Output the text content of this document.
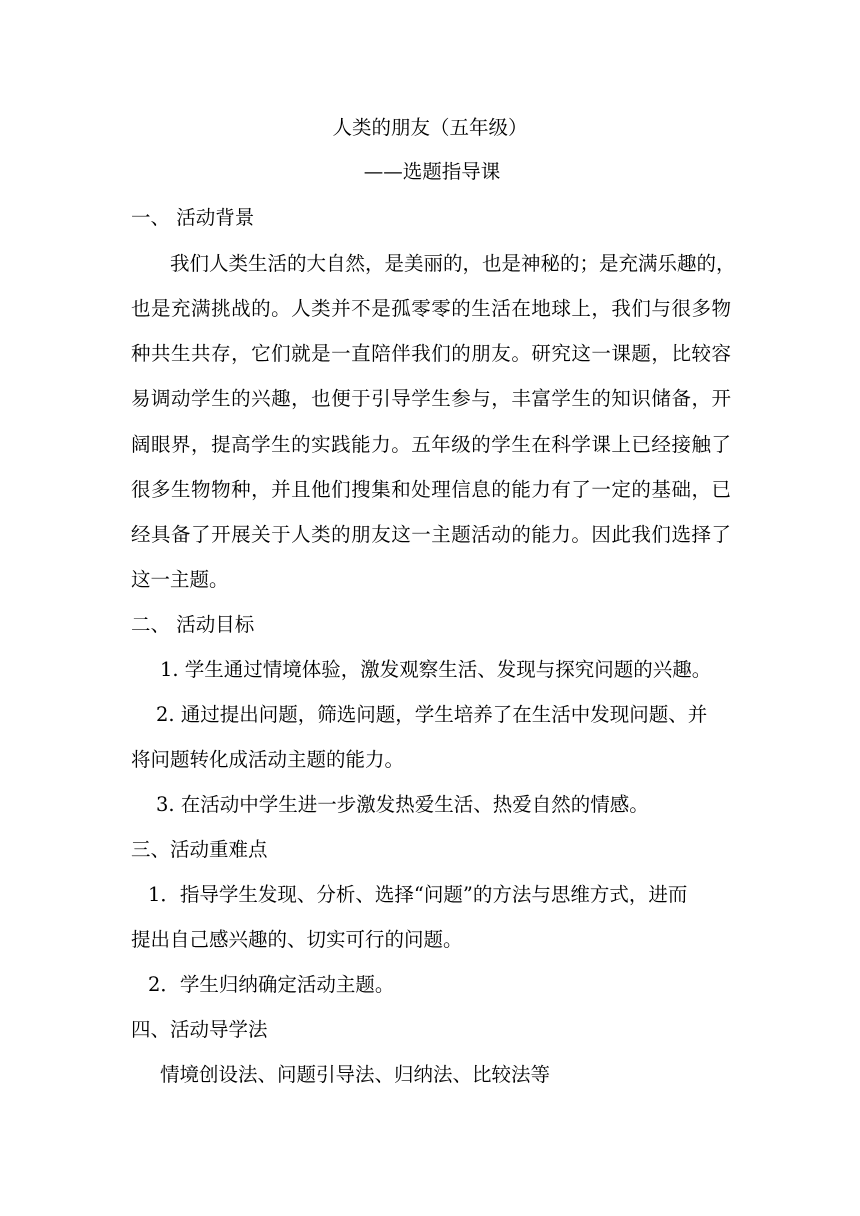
人类的朋友（五年级）
——选题指导课
一、 活动背景
我们人类生活的大自然，是美丽的，也是神秘的；是充满乐趣的，
也是充满挑战的。人类并不是孤零零的生活在地球上，我们与很多物
种共生共存，它们就是一直陪伴我们的朋友。研究这一课题，比较容
易调动学生的兴趣，也便于引导学生参与，丰富学生的知识储备，开
阔眼界，提高学生的实践能力。五年级的学生在科学课上已经接触了
很多生物物种，并且他们搜集和处理信息的能力有了一定的基础，已
经具备了开展关于人类的朋友这一主题活动的能力。因此我们选择了
这一主题。
二、 活动目标
1. 学生通过情境体验，激发观察生活、发现与探究问题的兴趣。
2. 通过提出问题，筛选问题，学生培养了在生活中发现问题、并
将问题转化成活动主题的能力。
3. 在活动中学生进一步激发热爱生活、热爱自然的情感。
三、活动重难点
1．指导学生发现、分析、选择“问题”的方法与思维方式，进而
提出自己感兴趣的、切实可行的问题。
2．学生归纳确定活动主题。
四、活动导学法
情境创设法、问题引导法、归纳法、比较法等
